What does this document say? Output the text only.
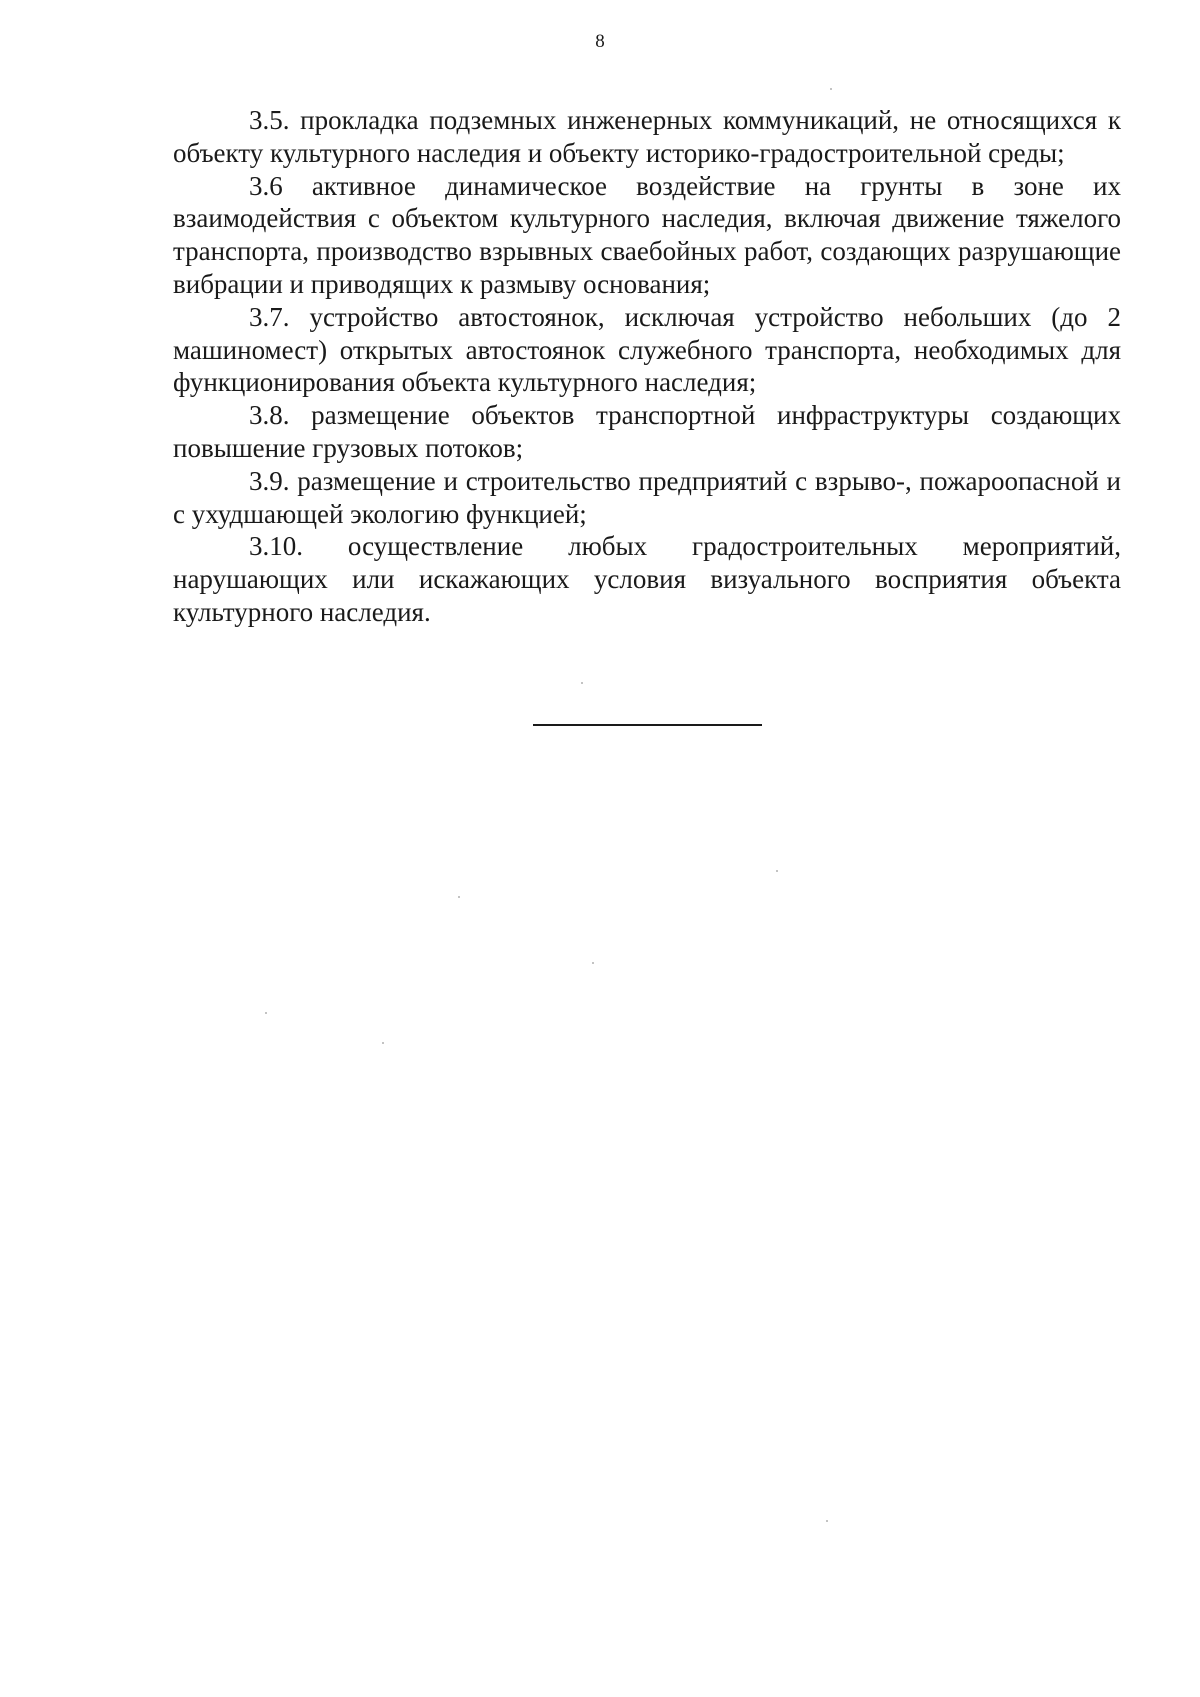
8

3.5. прокладка подземных инженерных коммуникаций, не относящихся к объекту культурного наследия и объекту историко-градостроительной среды;

3.6 активное динамическое воздействие на грунты в зоне их взаимодействия с объектом культурного наследия, включая движение тяжелого транспорта, производство взрывных сваебойных работ, создающих разрушающие вибрации и приводящих к размыву основания;

3.7. устройство автостоянок, исключая устройство небольших (до 2 машиномест) открытых автостоянок служебного транспорта, необходимых для функционирования объекта культурного наследия;

3.8. размещение объектов транспортной инфраструктуры создающих повышение грузовых потоков;

3.9. размещение и строительство предприятий с взрыво-, пожароопасной и с ухудшающей экологию функцией;

3.10. осуществление любых градостроительных мероприятий, нарушающих или искажающих условия визуального восприятия объекта культурного наследия.
